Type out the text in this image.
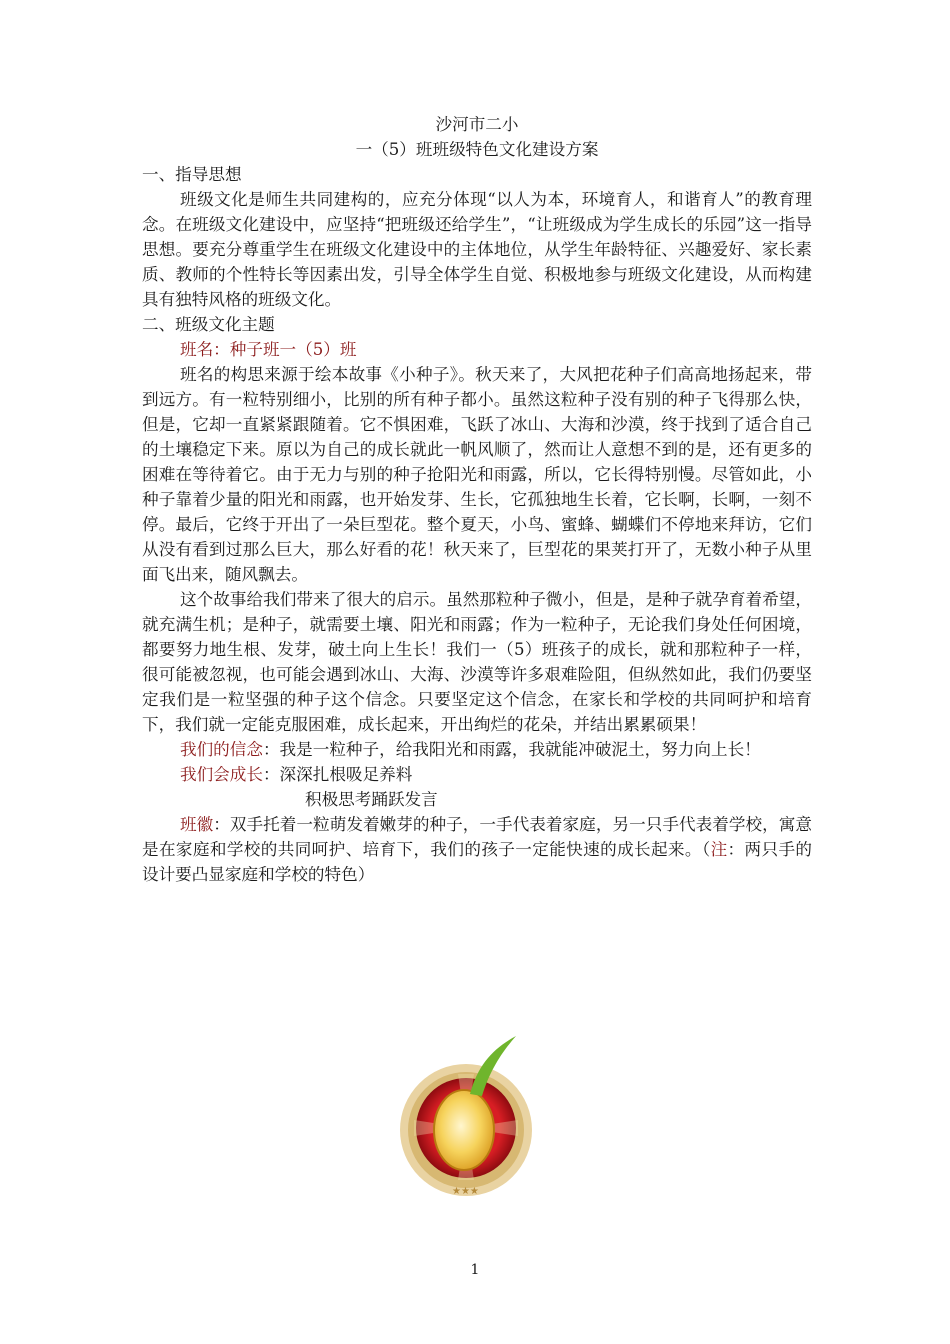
沙河市二小
一（5）班班级特色文化建设方案
一、指导思想
班级文化是师生共同建构的，应充分体现“以人为本，环境育人，和谐育人”的教育理念。在班级文化建设中，应坚持“把班级还给学生”，“让班级成为学生成长的乐园”这一指导思想。要充分尊重学生在班级文化建设中的主体地位，从学生年龄特征、兴趣爱好、家长素质、教师的个性特长等因素出发，引导全体学生自觉、积极地参与班级文化建设，从而构建具有独特风格的班级文化。
二、班级文化主题
班名：种子班一（5）班
班名的构思来源于绘本故事《小种子》。秋天来了，大风把花种子们高高地扬起来，带到远方。有一粒特别细小，比别的所有种子都小。虽然这粒种子没有别的种子飞得那么快，但是，它却一直紧紧跟随着。它不惧困难，飞跃了冰山、大海和沙漠，终于找到了适合自己的土壤稳定下来。原以为自己的成长就此一帆风顺了，然而让人意想不到的是，还有更多的困难在等待着它。由于无力与别的种子抢阳光和雨露，所以，它长得特别慢。尽管如此，小种子靠着少量的阳光和雨露，也开始发芽、生长，它孤独地生长着，它长啊，长啊，一刻不停。最后，它终于开出了一朵巨型花。整个夏天，小鸟、蜜蜂、蝴蝶们不停地来拜访，它们从没有看到过那么巨大，那么好看的花！秋天来了，巨型花的果荚打开了，无数小种子从里面飞出来，随风飘去。
这个故事给我们带来了很大的启示。虽然那粒种子微小，但是，是种子就孕育着希望，就充满生机；是种子，就需要土壤、阳光和雨露；作为一粒种子，无论我们身处任何困境，都要努力地生根、发芽，破土向上生长！我们一（5）班孩子的成长，就和那粒种子一样，很可能被忽视，也可能会遇到冰山、大海、沙漠等许多艰难险阻，但纵然如此，我们仍要坚定我们是一粒坚强的种子这个信念。只要坚定这个信念，在家长和学校的共同呵护和培育下，我们就一定能克服困难，成长起来，开出绚烂的花朵，并结出累累硕果！
我们的信念：我是一粒种子，给我阳光和雨露，我就能冲破泥土，努力向上长！
我们会成长：深深扎根吸足养料
积极思考踊跃发言
班徽：双手托着一粒萌发着嫩芽的种子，一手代表着家庭，另一只手代表着学校，寓意是在家庭和学校的共同呵护、培育下，我们的孩子一定能快速的成长起来。（注：两只手的设计要凸显家庭和学校的特色）
★★★
1
